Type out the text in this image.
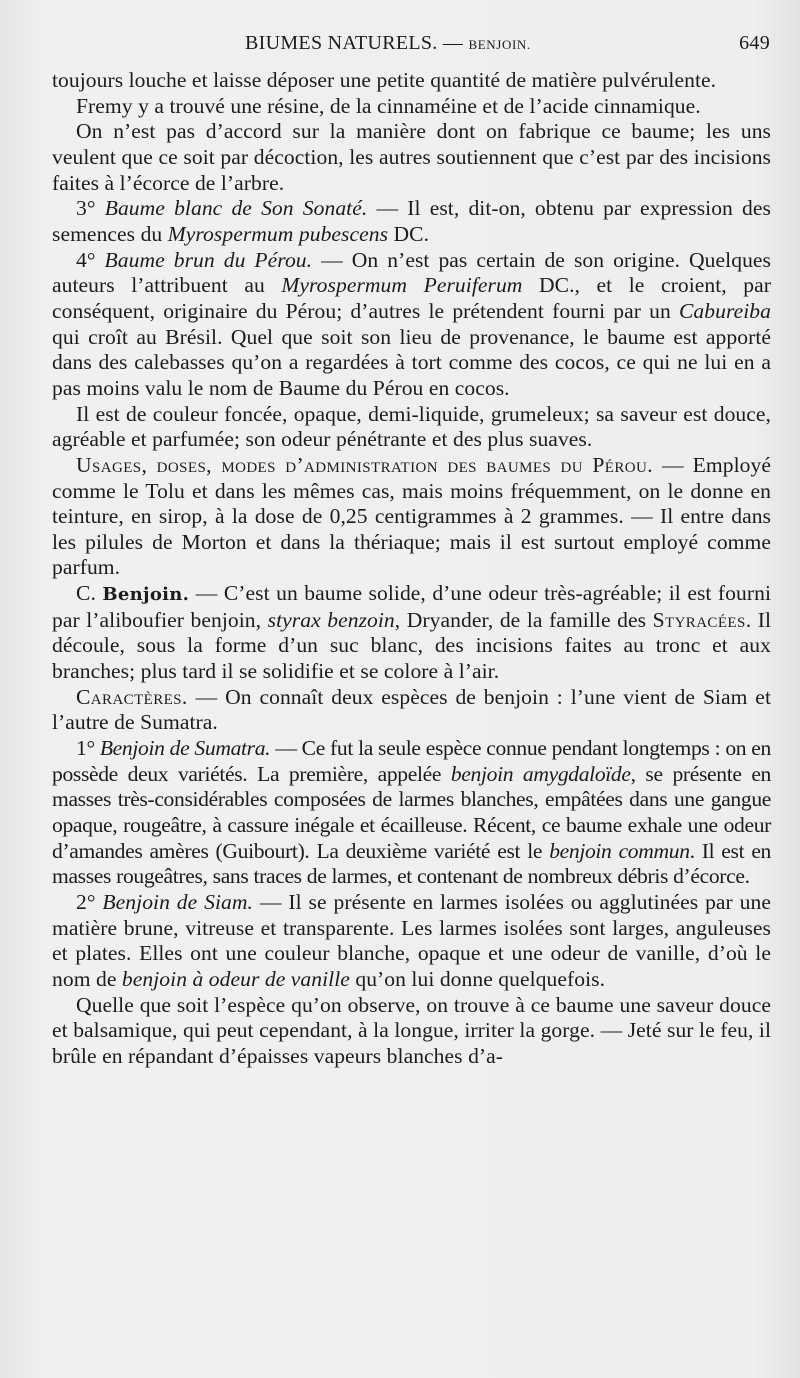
BIUMES NATURELS. — BENJOIN.	649

toujours louche et laisse déposer une petite quantité de matière pulvérulente.

Fremy y a trouvé une résine, de la cinnaméine et de l’acide cinnamique.

On n’est pas d’accord sur la manière dont on fabrique ce baume; les uns veulent que ce soit par décoction, les autres soutiennent que c’est par des incisions faites à l’écorce de l’arbre.

3° Baume blanc de Son Sonaté. — Il est, dit-on, obtenu par expression des semences du Myrospermum pubescens DC.

4° Baume brun du Pérou. — On n’est pas certain de son origine. Quelques auteurs l’attribuent au Myrospermum Peruiferum DC., et le croient, par conséquent, originaire du Pérou; d’autres le prétendent fourni par un Cabureiba qui croît au Brésil. Quel que soit son lieu de provenance, le baume est apporté dans des calebasses qu’on a regardées à tort comme des cocos, ce qui ne lui en a pas moins valu le nom de Baume du Pérou en cocos.

Il est de couleur foncée, opaque, demi-liquide, grumeleux; sa saveur est douce, agréable et parfumée; son odeur pénétrante et des plus suaves.

Usages, doses, modes d’administration des baumes du Pérou. — Employé comme le Tolu et dans les mêmes cas, mais moins fréquemment, on le donne en teinture, en sirop, à la dose de 0,25 centigrammes à 2 grammes. — Il entre dans les pilules de Morton et dans la thériaque; mais il est surtout employé comme parfum.

C. Benjoin. — C’est un baume solide, d’une odeur très-agréable; il est fourni par l’aliboufier benjoin, styrax benzoin, Dryander, de la famille des Styracées. Il découle, sous la forme d’un suc blanc, des incisions faites au tronc et aux branches; plus tard il se solidifie et se colore à l’air.

Caractères. — On connaît deux espèces de benjoin : l’une vient de Siam et l’autre de Sumatra.

1° Benjoin de Sumatra. — Ce fut la seule espèce connue pendant longtemps : on en possède deux variétés. La première, appelée benjoin amygdaloïde, se présente en masses très-considérables composées de larmes blanches, empâtées dans une gangue opaque, rougeâtre, à cassure inégale et écailleuse. Récent, ce baume exhale une odeur d’amandes amères (Guibourt). La deuxième variété est le benjoin commun. Il est en masses rougeâtres, sans traces de larmes, et contenant de nombreux débris d’écorce.

2° Benjoin de Siam. — Il se présente en larmes isolées ou agglutinées par une matière brune, vitreuse et transparente. Les larmes isolées sont larges, anguleuses et plates. Elles ont une couleur blanche, opaque et une odeur de vanille, d’où le nom de benjoin à odeur de vanille qu’on lui donne quelquefois.

Quelle que soit l’espèce qu’on observe, on trouve à ce baume une saveur douce et balsamique, qui peut cependant, à la longue, irriter la gorge. — Jeté sur le feu, il brûle en répandant d’épaisses vapeurs blanches d’a-
